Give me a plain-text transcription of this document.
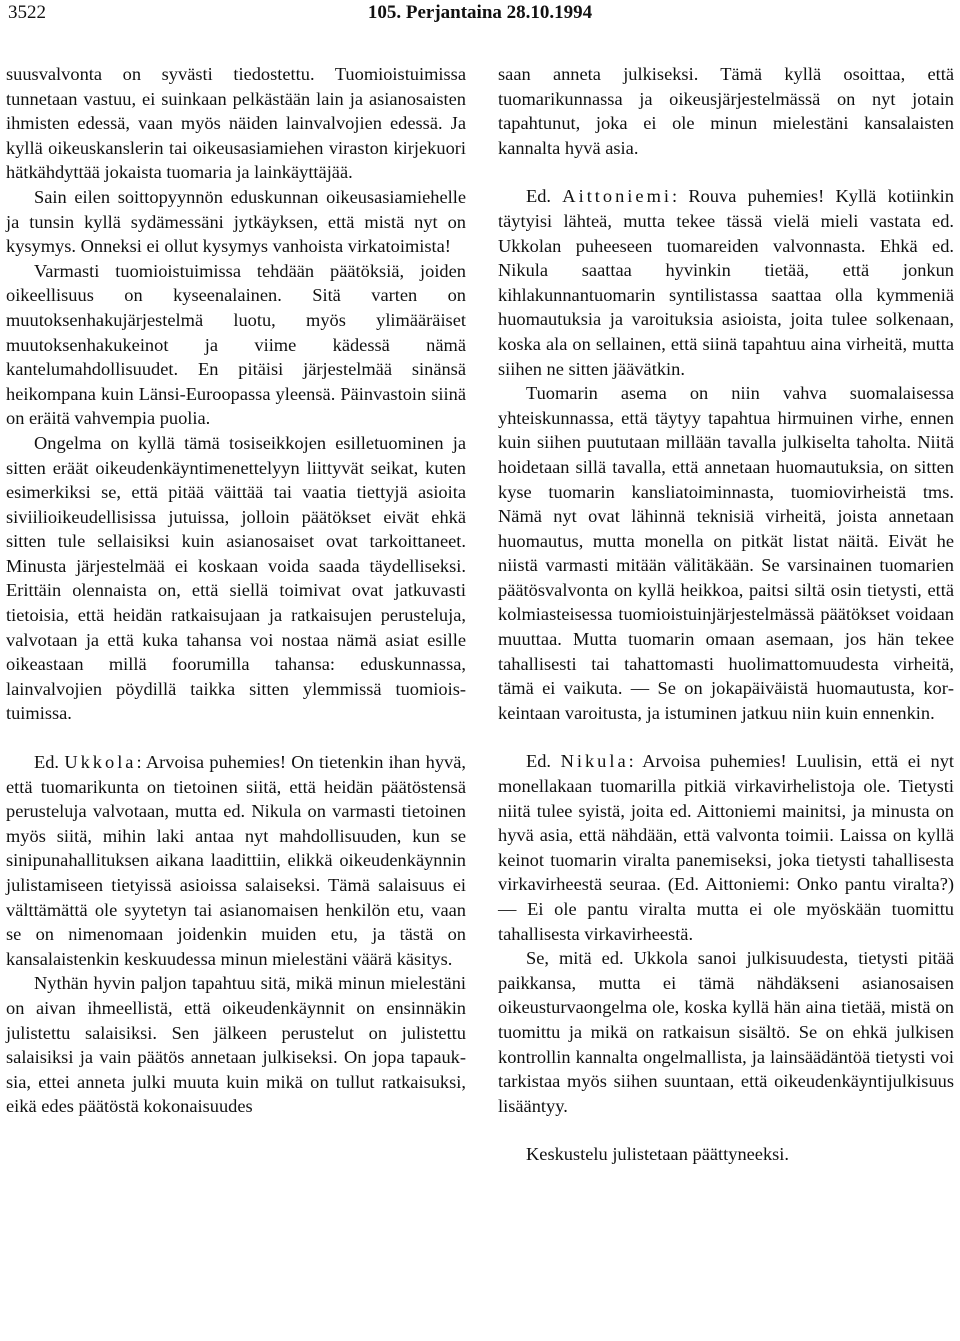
3522	105. Perjantaina 28.10.1994

suusvalvonta on syvästi tiedostettu. Tuomioistuimissa tunnetaan vastuu, ei suinkaan pelkästään lain ja asianosaisten ihmisten edessä, vaan myös näiden lainvalvojien edessä. Ja kyllä oikeuskanslerin tai oikeusasiamiehen viraston kirjekuori hätkähdyttää jokaista tuomaria ja lainkäyttäjää.

Sain eilen soittopyynnön eduskunnan oikeusasiamiehelle ja tunsin kyllä sydämessäni jytkäyksen, että mistä nyt on kysymys. Onneksi ei ollut kysymys vanhoista virkatoimista!

Varmasti tuomioistuimissa tehdään päätöksiä, joiden oikeellisuus on kyseenalainen. Sitä varten on muutoksenhakujärjestelmä luotu, myös ylimääräiset muutoksenhakukeinot ja viime kädessä nämä kantelumahdollisuudet. En pitäisi järjestelmää sinänsä heikompana kuin Länsi-Euroopassa yleensä. Päinvastoin siinä on eräitä vahvempia puolia.

Ongelma on kyllä tämä tosiseikkojen esilletuominen ja sitten eräät oikeudenkäyntimenettelyyn liittyvät seikat, kuten esimerkiksi se, että pitää väittää tai vaatia tiettyjä asioita siviilioikeudellisissa jutuissa, jolloin päätökset eivät ehkä sitten tule sellaisiksi kuin asianosaiset ovat tarkoittaneet. Minusta järjestelmää ei koskaan voida saada täydelliseksi. Erittäin olennaista on, että siellä toimivat ovat jatkuvasti tietoisia, että heidän ratkaisujaan ja ratkaisujen perusteluja, valvotaan ja että kuka tahansa voi nostaa nämä asiat esille oikeastaan millä foorumilla tahansa: eduskunnassa, lainvalvojien pöydillä taikka sitten ylemmissä tuomioistuimissa.

Ed. Ukkola: Arvoisa puhemies! On tietenkin ihan hyvä, että tuomarikunta on tietoinen siitä, että heidän päätöstensä perusteluja valvotaan, mutta ed. Nikula on varmasti tietoinen myös siitä, mihin laki antaa nyt mahdollisuuden, kun se sinipunahallituksen aikana laadittiin, elikkä oikeudenkäynnin julistamiseen tietyissä asioissa salaiseksi. Tämä salaisuus ei välttämättä ole syytetyn tai asianomaisen henkilön etu, vaan se on nimenomaan joidenkin muiden etu, ja tästä on kansalaistenkin keskuudessa minun mielestäni väärä käsitys.

Nythän hyvin paljon tapahtuu sitä, mikä minun mielestäni on aivan ihmeellistä, että oikeudenkäynnit on ensinnäkin julistettu salaisiksi. Sen jälkeen perustelut on julistettu salaisiksi ja vain päätös annetaan julkiseksi. On jopa tapauksia, ettei anneta julki muuta kuin mikä on tullut ratkaisuksi, eikä edes päätöstä kokonaisuudes

saan anneta julkiseksi. Tämä kyllä osoittaa, että tuomarikunnassa ja oikeusjärjestelmässä on nyt jotain tapahtunut, joka ei ole minun mielestäni kansalaisten kannalta hyvä asia.

Ed. Aittoniemi: Rouva puhemies! Kyllä kotiinkin täytyisi lähteä, mutta tekee tässä vielä mieli vastata ed. Ukkolan puheeseen tuomareiden valvonnasta. Ehkä ed. Nikula saattaa hyvinkin tietää, että jonkun kihlakunnantuomarin syntilistassa saattaa olla kymmeniä huomautuksia ja varoituksia asioista, joita tulee solkenaan, koska ala on sellainen, että siinä tapahtuu aina virheitä, mutta siihen ne sitten jäävätkin.

Tuomarin asema on niin vahva suomalaisessa yhteiskunnassa, että täytyy tapahtua hirmuinen virhe, ennen kuin siihen puututaan millään tavalla julkiselta taholta. Niitä hoidetaan sillä tavalla, että annetaan huomautuksia, on sitten kyse tuomarin kansliatoiminnasta, tuomiovirheistä tms. Nämä nyt ovat lähinnä teknisiä virheitä, joista annetaan huomautus, mutta monella on pitkät listat näitä. Eivät he niistä varmasti mitään välitäkään. Se varsinainen tuomarien päätösvalvonta on kyllä heikkoa, paitsi siltä osin tietysti, että kolmiasteisessa tuomioistuinjärjestelmässä päätökset voidaan muuttaa. Mutta tuomarin omaan asemaan, jos hän tekee tahallisesti tai tahattomasti huolimattomuudesta virheitä, tämä ei vaikuta. — Se on jokapäiväistä huomautusta, korkeintaan varoitusta, ja istuminen jatkuu niin kuin ennenkin.

Ed. Nikula: Arvoisa puhemies! Luulisin, että ei nyt monellakaan tuomarilla pitkiä virkavirhelistoja ole. Tietysti niitä tulee syistä, joita ed. Aittoniemi mainitsi, ja minusta on hyvä asia, että nähdään, että valvonta toimii. Laissa on kyllä keinot tuomarin viralta panemiseksi, joka tietysti tahallisesta virkavirheestä seuraa. (Ed. Aittoniemi: Onko pantu viralta?) — Ei ole pantu viralta mutta ei ole myöskään tuomittu tahallisesta virkavirheestä.

Se, mitä ed. Ukkola sanoi julkisuudesta, tietysti pitää paikkansa, mutta ei tämä nähdäkseni asianosaisen oikeusturvaongelma ole, koska kyllä hän aina tietää, mistä on tuomittu ja mikä on ratkaisun sisältö. Se on ehkä julkisen kontrollin kannalta ongelmallista, ja lainsäädäntöä tietysti voi tarkistaa myös siihen suuntaan, että oikeudenkäyntijulkisuus lisääntyy.

Keskustelu julistetaan päättyneeksi.
